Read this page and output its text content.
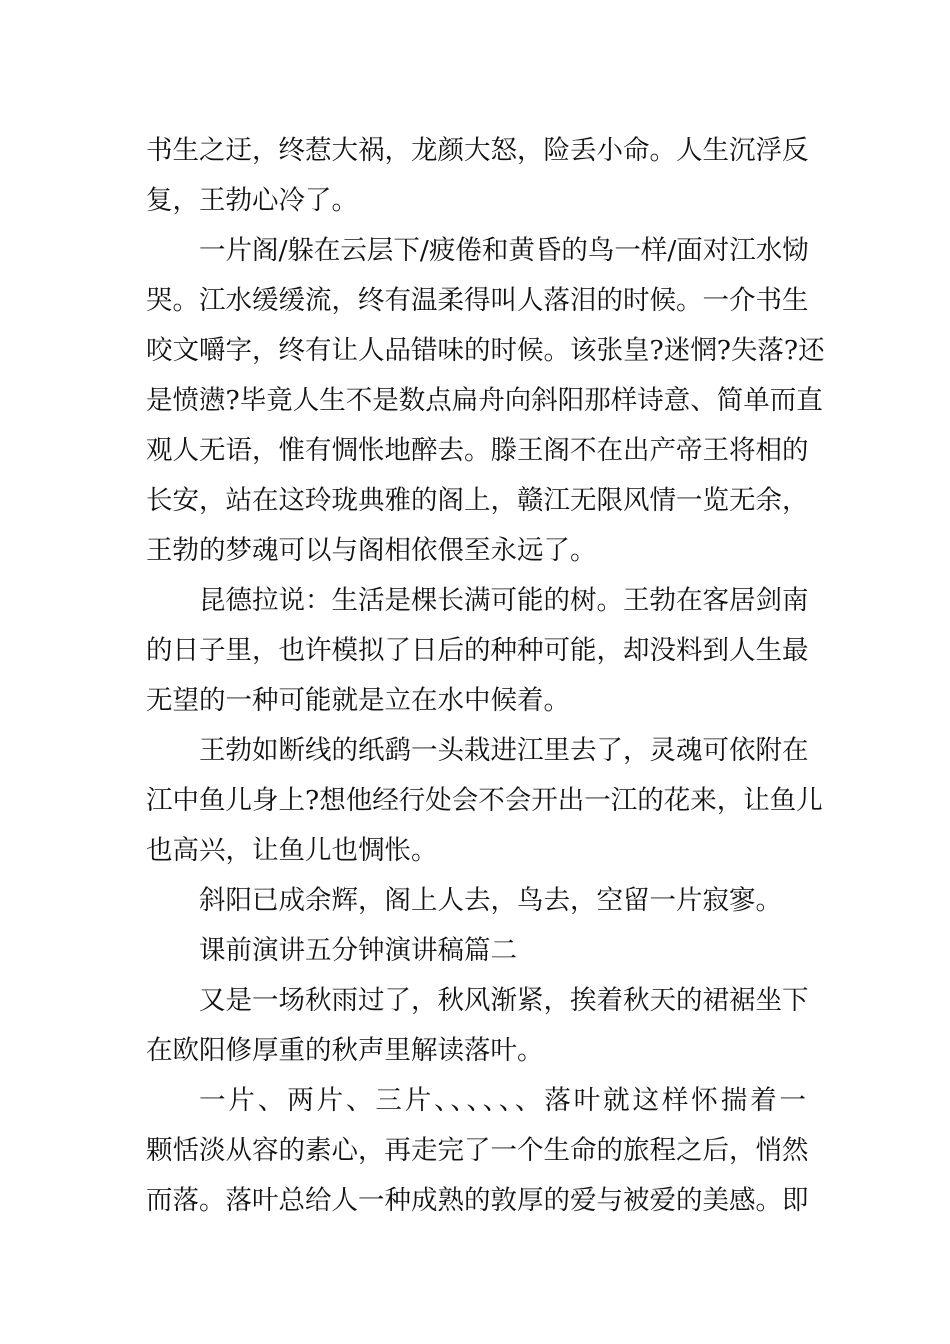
书生之迂，终惹大祸，龙颜大怒，险丢小命。人生沉浮反
复，王勃心冷了。
一片阁/躲在云层下/疲倦和黄昏的鸟一样/面对江水恸
哭。江水缓缓流，终有温柔得叫人落泪的时候。一介书生
咬文嚼字，终有让人品错味的时候。该张皇?迷惘?失落?还
是愤懑?毕竟人生不是数点扁舟向斜阳那样诗意、简单而直
观人无语，惟有惆怅地醉去。滕王阁不在出产帝王将相的
长安，站在这玲珑典雅的阁上，赣江无限风情一览无余，
王勃的梦魂可以与阁相依偎至永远了。
昆德拉说：生活是棵长满可能的树。王勃在客居剑南
的日子里，也许模拟了日后的种种可能，却没料到人生最
无望的一种可能就是立在水中候着。
王勃如断线的纸鹞一头栽进江里去了，灵魂可依附在
江中鱼儿身上?想他经行处会不会开出一江的花来，让鱼儿
也高兴，让鱼儿也惆怅。
斜阳已成余辉，阁上人去，鸟去，空留一片寂寥。
课前演讲五分钟演讲稿篇二
又是一场秋雨过了，秋风渐紧，挨着秋天的裙裾坐下
在欧阳修厚重的秋声里解读落叶。
一片、两片、三片、、、、、、落叶就这样怀揣着一
颗恬淡从容的素心，再走完了一个生命的旅程之后，悄然
而落。落叶总给人一种成熟的敦厚的爱与被爱的美感。即
